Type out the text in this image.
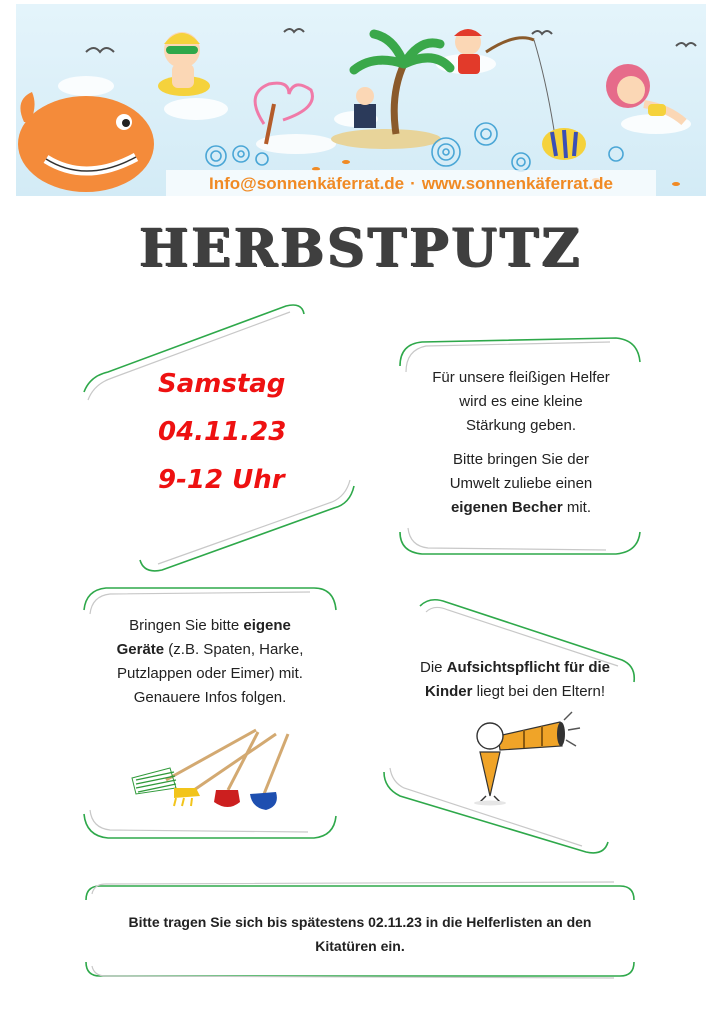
Info@sonnenkäferrat.de · www.sonnenkäferrat.de
HERBSTPUTZ
Samstag
04.11.23
9-12 Uhr
Für unsere fleißigen Helfer
wird es eine kleine
Stärkung geben.
Bitte bringen Sie der
Umwelt zuliebe einen
eigenen Becher mit.
Bringen Sie bitte eigene
Geräte (z.B. Spaten, Harke,
Putzlappen oder Eimer) mit.
Genauere Infos folgen.
Die Aufsichtspflicht für die
Kinder liegt bei den Eltern!
Bitte tragen Sie sich bis spätestens 02.11.23 in die Helferlisten an den
Kitatüren ein.
